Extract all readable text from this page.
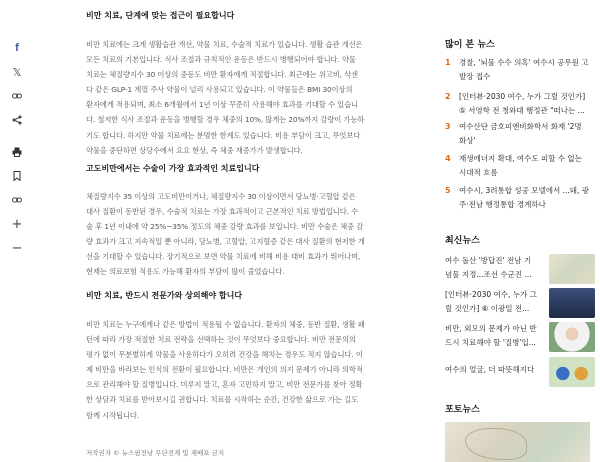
f
𝕏
+
−
비만 치료, 단계에 맞는 접근이 필요합니다
비만 치료에는 크게 생활습관 개선, 약물 치료, 수술적 치료가 있습니다. 생활 습관 개선은
모든 치료의 기본입니다. 식사 조절과 규칙적인 운동은 반드시 병행되어야 합니다. 약물
치료는 체질량지수 30 이상의 중등도 비만 환자에게 적절합니다. 최근에는 위고비, 삭센
다 같은 GLP-1 계열 주사 약물이 널리 사용되고 있습니다. 이 약물들은 BMI 30이상의
환자에게 적용되며, 최소 6개월에서 1년 이상 꾸준히 사용해야 효과를 기대할 수 있습니
다. 철저한 식사 조절과 운동을 병행할 경우 체중의 10%, 많게는 20%까지 감량이 가능하
기도 합니다. 하지만 약물 치료에는 분명한 한계도 있습니다. 비용 부담이 크고, 무엇보다
약물을 중단하면 상당수에서 요요 현상, 즉 체중 재증가가 발생합니다.
고도비만에서는 수술이 가장 효과적인 치료입니다
체질량지수 35 이상의 고도비만이거나, 체질량지수 30 이상이면서 당뇨병·고혈압 같은
대사 질환이 동반된 경우, 수술적 치료는 가장 효과적이고 근본적인 치료 방법입니다. 수
술 후 1년 이내에 약 25%~35% 정도의 체중 감량 효과를 보입니다. 비만 수술은 체중 감
량 효과가 크고 지속적일 뿐 아니라, 당뇨병, 고혈압, 고지혈증 같은 대사 질환의 현저한 개
선을 기대할 수 있습니다. 장기적으로 보면 약물 치료에 비해 비용 대비 효과가 뛰어나며,
현재는 의료보험 적용도 가능해 환자의 부담이 많이 줄었습니다.
비만 치료, 반드시 전문가와 상의해야 합니다
비만 치료는 누구에게나 같은 방법이 적용될 수 없습니다. 환자의 체중, 동반 질환, 생활 패
턴에 따라 가장 적절한 치료 전략을 선택하는 것이 무엇보다 중요합니다. 비만 전문의의
평가 없이 무분별하게 약물을 사용하다가 오히려 건강을 해치는 경우도 적지 않습니다. 이
제 비만을 바라보는 인식의 전환이 필요합니다. 비만은 개인의 의지 문제가 아니라 의학적
으로 관리해야 할 질병입니다. 미루지 말고, 혼자 고민하지 말고, 비만 전문가를 찾아 정확
한 상담과 치료를 받아보시길 권합니다. 치료를 시작하는 순간, 건강한 삶으로 가는 길도
함께 시작됩니다.
저작권자 © 뉴스핌전남 무단전재 및 재배포 금지
많이 본 뉴스
1	경찰, '뇌물 수수 의혹' 여수시 공무원 고
발장 접수
2	[인터뷰·2030 여수, 누가 그릴 것인가]
⑤ 서영학 전 청와대 행정관 "떠나는 ...
3	여수산단 금호피앤비화학서 화재 '2명
화상'
4	재생에너지 확대, 여수도 피할 수 없는
시대적 흐름
5	여수시, 3려통합 성공 모델에서 ...돼, 광
주·전남 행정통합 경계하나
최신뉴스
여수 돌산 '방답진' 전남 기
념물 지정...조선 수군진 ...
[인터뷰·2030 여수, 누가 그
릴 것인가] ⑥ 이광일 전...
비만, 외모의 문제가 아닌 반
드시 치료해야 할 '질병'입...
여수의 얼굴, 더 따뜻해지다
포토뉴스
